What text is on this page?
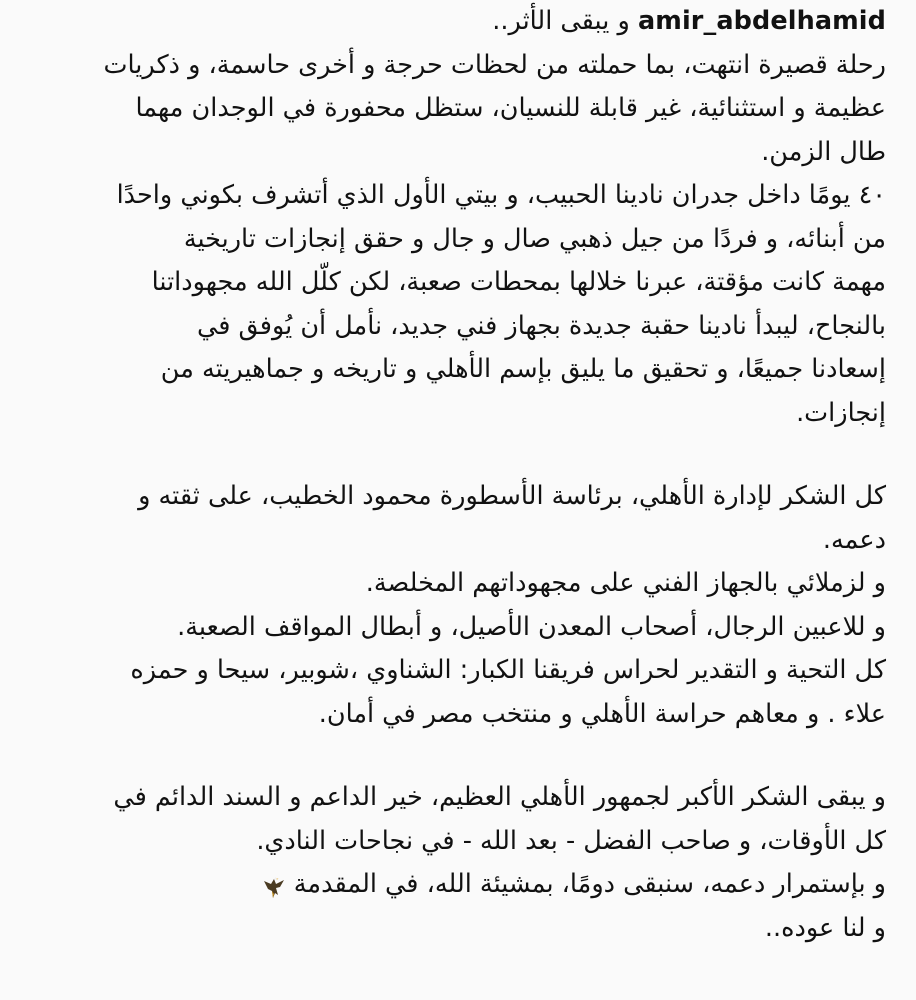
amir_abdelhamid و يبقى الأثر..
رحلة قصيرة انتهت، بما حملته من لحظات حرجة و أخرى حاسمة، و ذكريات
عظيمة و استثنائية، غير قابلة للنسيان، ستظل محفورة في الوجدان مهما
طال الزمن.
٤٠ يومًا داخل جدران نادينا الحبيب، و بيتي الأول الذي أتشرف بكوني واحدًا
من أبنائه، و فردًا من جيل ذهبي صال و جال و حقق إنجازات تاريخية
مهمة كانت مؤقتة، عبرنا خلالها بمحطات صعبة، لكن كلّل الله مجهوداتنا
بالنجاح، ليبدأ نادينا حقبة جديدة بجهاز فني جديد، نأمل أن يُوفق في
إسعادنا جميعًا، و تحقيق ما يليق بإسم الأهلي و تاريخه و جماهيريته من
إنجازات.
كل الشكر لإدارة الأهلي، برئاسة الأسطورة محمود الخطيب، على ثقته و
دعمه.
و لزملائي بالجهاز الفني على مجهوداتهم المخلصة.
و للاعبين الرجال، أصحاب المعدن الأصيل، و أبطال المواقف الصعبة.
كل التحية و التقدير لحراس فريقنا الكبار: الشناوي ،شوبير، سيحا و حمزه
علاء . و معاهم حراسة الأهلي و منتخب مصر في أمان.
و يبقى الشكر الأكبر لجمهور الأهلي العظيم، خير الداعم و السند الدائم في
كل الأوقات، و صاحب الفضل - بعد الله - في نجاحات النادي.
و بإستمرار دعمه، سنبقى دومًا، بمشيئة الله، في المقدمة
و لنا عوده..
